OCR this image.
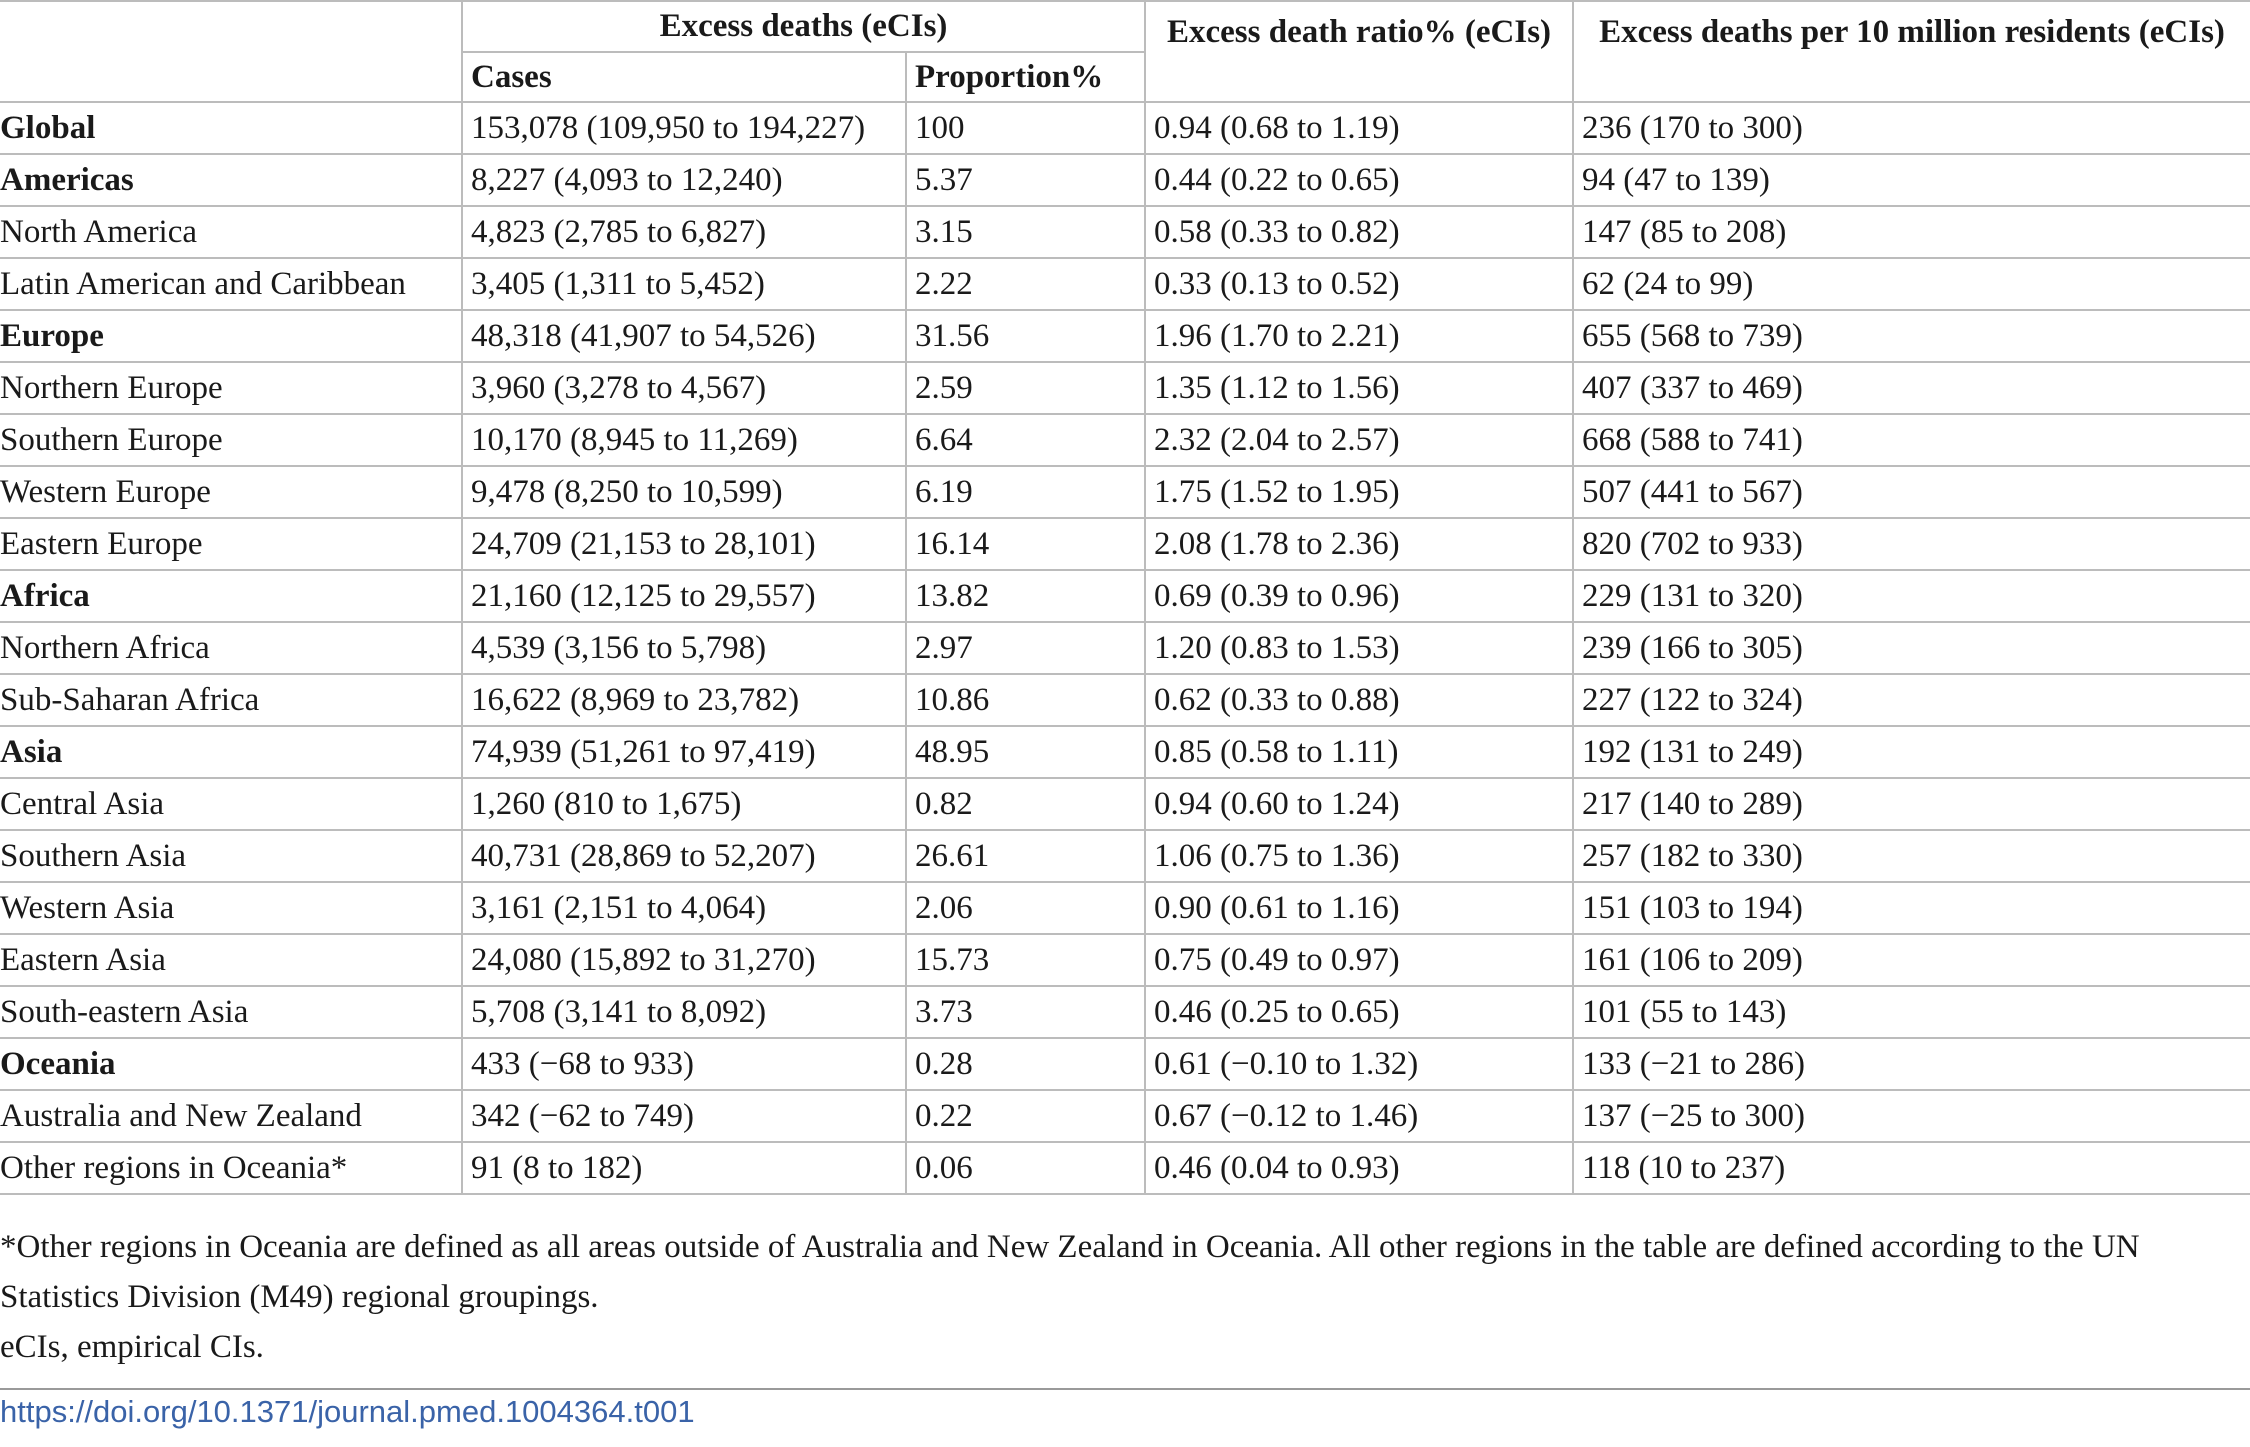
	Excess deaths (eCIs)		Excess death ratio% (eCIs)	Excess deaths per 10 million residents (eCIs)
	Cases	Proportion%		
Global	153,078 (109,950 to 194,227)	100	0.94 (0.68 to 1.19)	236 (170 to 300)
Americas	8,227 (4,093 to 12,240)	5.37	0.44 (0.22 to 0.65)	94 (47 to 139)
North America	4,823 (2,785 to 6,827)	3.15	0.58 (0.33 to 0.82)	147 (85 to 208)
Latin American and Caribbean	3,405 (1,311 to 5,452)	2.22	0.33 (0.13 to 0.52)	62 (24 to 99)
Europe	48,318 (41,907 to 54,526)	31.56	1.96 (1.70 to 2.21)	655 (568 to 739)
Northern Europe	3,960 (3,278 to 4,567)	2.59	1.35 (1.12 to 1.56)	407 (337 to 469)
Southern Europe	10,170 (8,945 to 11,269)	6.64	2.32 (2.04 to 2.57)	668 (588 to 741)
Western Europe	9,478 (8,250 to 10,599)	6.19	1.75 (1.52 to 1.95)	507 (441 to 567)
Eastern Europe	24,709 (21,153 to 28,101)	16.14	2.08 (1.78 to 2.36)	820 (702 to 933)
Africa	21,160 (12,125 to 29,557)	13.82	0.69 (0.39 to 0.96)	229 (131 to 320)
Northern Africa	4,539 (3,156 to 5,798)	2.97	1.20 (0.83 to 1.53)	239 (166 to 305)
Sub-Saharan Africa	16,622 (8,969 to 23,782)	10.86	0.62 (0.33 to 0.88)	227 (122 to 324)
Asia	74,939 (51,261 to 97,419)	48.95	0.85 (0.58 to 1.11)	192 (131 to 249)
Central Asia	1,260 (810 to 1,675)	0.82	0.94 (0.60 to 1.24)	217 (140 to 289)
Southern Asia	40,731 (28,869 to 52,207)	26.61	1.06 (0.75 to 1.36)	257 (182 to 330)
Western Asia	3,161 (2,151 to 4,064)	2.06	0.90 (0.61 to 1.16)	151 (103 to 194)
Eastern Asia	24,080 (15,892 to 31,270)	15.73	0.75 (0.49 to 0.97)	161 (106 to 209)
South-eastern Asia	5,708 (3,141 to 8,092)	3.73	0.46 (0.25 to 0.65)	101 (55 to 143)
Oceania	433 (−68 to 933)	0.28	0.61 (−0.10 to 1.32)	133 (−21 to 286)
Australia and New Zealand	342 (−62 to 749)	0.22	0.67 (−0.12 to 1.46)	137 (−25 to 300)
Other regions in Oceania*	91 (8 to 182)	0.06	0.46 (0.04 to 0.93)	118 (10 to 237)

*Other regions in Oceania are defined as all areas outside of Australia and New Zealand in Oceania. All other regions in the table are defined according to the UN

Statistics Division (M49) regional groupings.

eCIs, empirical CIs.

https://doi.org/10.1371/journal.pmed.1004364.t001
